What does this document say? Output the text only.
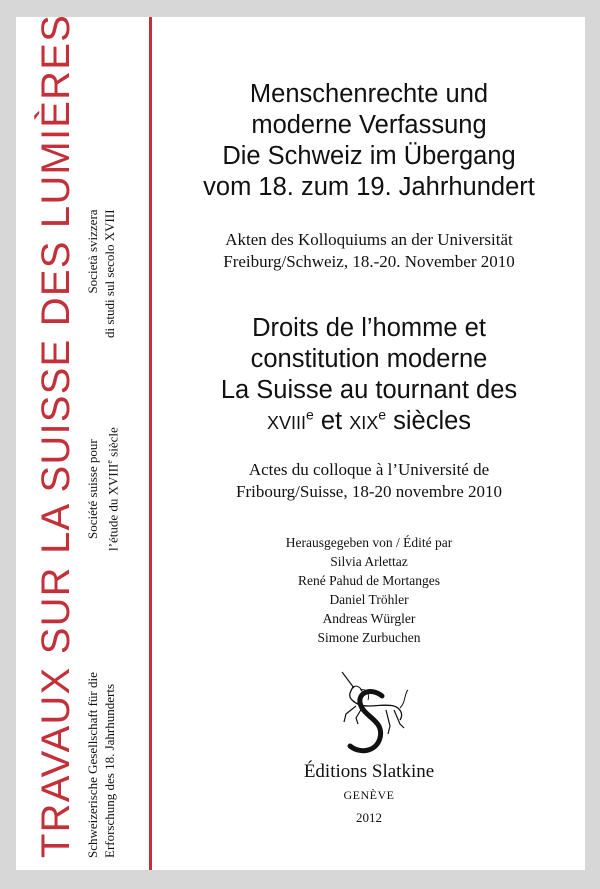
TRAVAUX SUR LA SUISSE DES LUMIÈRES Schweizerische Gesellschaft für die Erforschung des 18. Jahrhunderts
Société suisse pour l’étude du XVIIIe siècle
Società svizzera di studi sul secolo XVIII
Menschenrechte und
moderne Verfassung
Die Schweiz im Übergang
vom 18. zum 19. Jahrhundert
Akten des Kolloquiums an der Universität
Freiburg/Schweiz, 18.-20. November 2010
Droits de l’homme et
constitution moderne
La Suisse au tournant des
xviii$^e$ et xix$^e$ siècles
Actes du colloque à l’Université de
Fribourg/Suisse, 18-20 novembre 2010
Herausgegeben von / Édité par
Silvia Arlettaz
René Pahud de Mortanges
Daniel Tröhler
Andreas Würgler
Simone Zurbuchen
Éditions Slatkine
GENÈVE
2012
